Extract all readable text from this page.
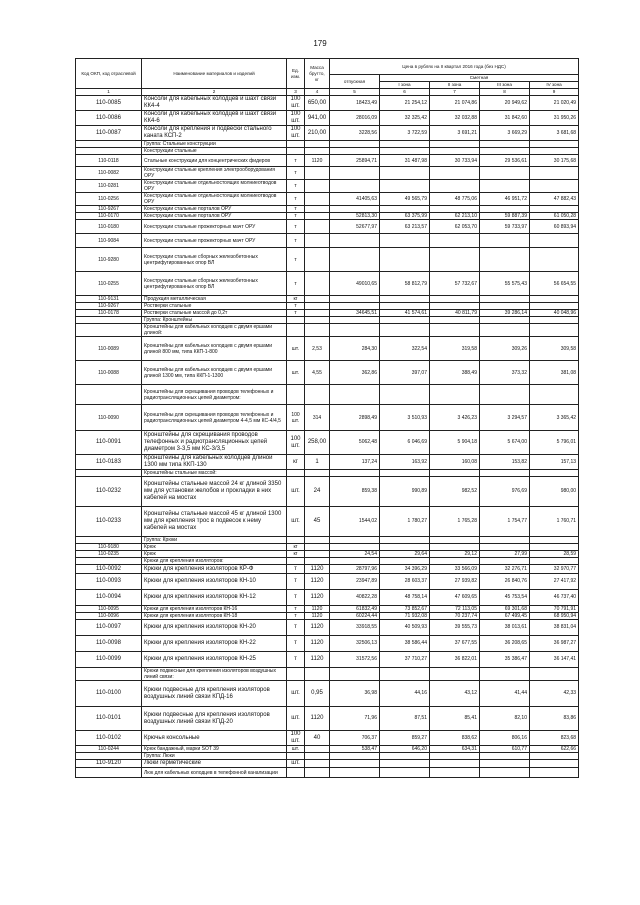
179
Код ОКП, код отраслевой	Наименование материалов и изделий	Ед. изм.	Масса брутто, кг	Цена в рублях на II квартал 2016 года (без НДС)				
				отпускная	Сметная			
					I зона	II зона	III зона	IV зона
1	2	3	4	5	6	7	8	9
110-0085	Консоли для кабельных колодцев и шахт связи КК4-4	100 шт.	650,00	18423,49	21 254,12	21 074,86	20 949,62	21 020,49
110-0086	Консоли для кабельных колодцев и шахт связи КК4-6	100 шт.	941,00	28016,09	32 325,42	32 032,88	31 842,60	31 950,26
110-0087	Консоли для крепления и подвески стального каната КСП-2	100 шт.	210,00	3228,56	3 722,59	3 691,21	3 669,29	3 681,68
	Группа: Стальные конструкции							
	Конструкции стальные							
110-0118	Стальные конструкции для концентрических фидеров	т	1120	25894,71	31 487,98	30 733,94	29 536,61	30 175,68
110-0082	Конструкции стальные крепления электрооборудования ОРУ	т						
110-0281	Конструкции стальные отдельностоящих молниеотводов ОРУ	т						
110-0256	Конструкции стальные отдельностоящих молниеотводов ОРУ	т		41405,63	49 565,79	48 775,06	46 951,72	47 882,43
110-9267	Конструкции стальные порталов ОРУ	т						
110-0170	Конструкции стальные порталов ОРУ	т		52813,30	63 375,99	62 213,10	59 887,39	61 050,28
110-0180	Конструкции стальные прожекторных мачт ОРУ	т		52677,97	63 213,57	62 053,70	59 733,97	60 893,94
110-9084	Конструкции стальные прожекторных мачт ОРУ	т						
110-9280	Конструкции стальные сборных железобетонных центрифугированных опор ВЛ	т						
110-0255	Конструкции стальные сборных железобетонных центрифугированных опор ВЛ	т		49010,65	58 812,79	57 732,67	55 575,43	56 654,55
110-9131	Продукция металлическая	кг						
110-9267	Ростверки стальные	т						
110-0178	Ростверки стальные массой до 0,2т	т		34645,51	41 574,61	40 811,79	39 286,14	40 048,96
	Группа: Кронштейны							
	Кронштейны для кабельных колодцев с двумя ершами длиной:							
110-0089	Кронштейны для кабельных колодцев с двумя ершами длиной 800 мм, типа ККП-1-800	шт.	2,53	284,30	322,54	319,58	309,26	309,58
110-0088	Кронштейны для кабельных колодцев с двумя ершами длиной 1300 мм, типа ККП-1-1300	шт.	4,55	362,86	397,07	388,49	373,32	381,08
	Кронштейны для скрещивания проводов телефонных и радиотрансляционных цепей диаметром:							
110-0090	Кронштейны для скрещивания проводов телефонных и радиотрансляционных цепей диаметром 4-4,5 мм КС-4/4,5	100 шт.	314	2898,49	3 510,93	3 426,23	3 294,57	3 365,42
110-0091	Кронштейны для скрещивания проводов телефонных и радиотрансляционных цепей диаметром 3-3,5 мм КС-3/3,5	100 шт.	258,00	5062,48	6 046,69	5 904,18	5 674,00	5 796,01
110-0183	Кронштейны для кабельных колодцев длиной 1300 мм типа ККП-130	кг	1	137,24	163,92	160,08	153,82	157,13
	Кронштейны стальные массой:							
110-0232	Кронштейны стальные массой 24 кг длиной 3350 мм для установки желобов и прокладки в них кабелей на мостах	шт.	24	859,38	990,89	982,52	976,69	980,00
110-0233	Кронштейны стальные массой 45 кг длиной 1300 мм для крепления трос в подвесок к нему кабелей на мостах	шт.	45	1544,02	1 780,27	1 765,28	1 754,77	1 760,71
	Группа: Крюки							
110-9180	Крюк	кг						
110-0235	Крюк	кг		24,54	29,64	29,12	27,99	28,59
	Крюки для крепления изоляторов:							
110-0092	Крюки для крепления изоляторов КР-Ф	т	1120	28797,96	34 396,29	33 566,09	32 276,71	32 970,77
110-0093	Крюки для крепления изоляторов КН-10	т	1120	23947,89	28 603,37	27 939,82	26 840,76	27 417,92
110-0094	Крюки для крепления изоляторов КН-12	т	1120	40822,28	48 758,14	47 609,65	45 753,54	46 737,40
110-0095	Крюки для крепления изоляторов КН-16	т	1120	61832,49	73 852,67	72 113,05	69 301,68	70 791,91
110-0096	Крюки для крепления изоляторов КН-18	т	1120	60224,44	71 932,08	70 237,74	67 499,45	68 950,94
110-0097	Крюки для крепления изоляторов КН-20	т	1120	33918,55	40 509,93	39 555,73	38 013,61	38 831,04
110-0098	Крюки для крепления изоляторов КН-22	т	1120	32506,13	38 586,44	37 677,55	36 208,65	36 987,27
110-0099	Крюки для крепления изоляторов КН-25	т	1120	31572,56	37 710,27	36 822,01	35 386,47	36 147,41
	Крюки подвесные для крепления изоляторов воздушных линий связи:							
110-0100	Крюки подвесные для крепления изоляторов воздушных линий связи КПД-16	шт.	0,95	36,98	44,16	43,12	41,44	42,33
110-0101	Крюки подвесные для крепления изоляторов воздушных линий связи КПД-20	шт.	1120	71,96	87,51	85,41	82,10	83,86
110-0102	Крючья консольные	100 шт.	40	706,37	859,27	838,62	806,16	823,68
110-0244	Крюк бандажный, марки SOT 39	шт.		538,47	646,20	634,31	610,77	622,66
	Группа: Люки							
110-9120	Люки герметические	шт.						
	Люк для кабельных колодцев в телефонной канализации							
